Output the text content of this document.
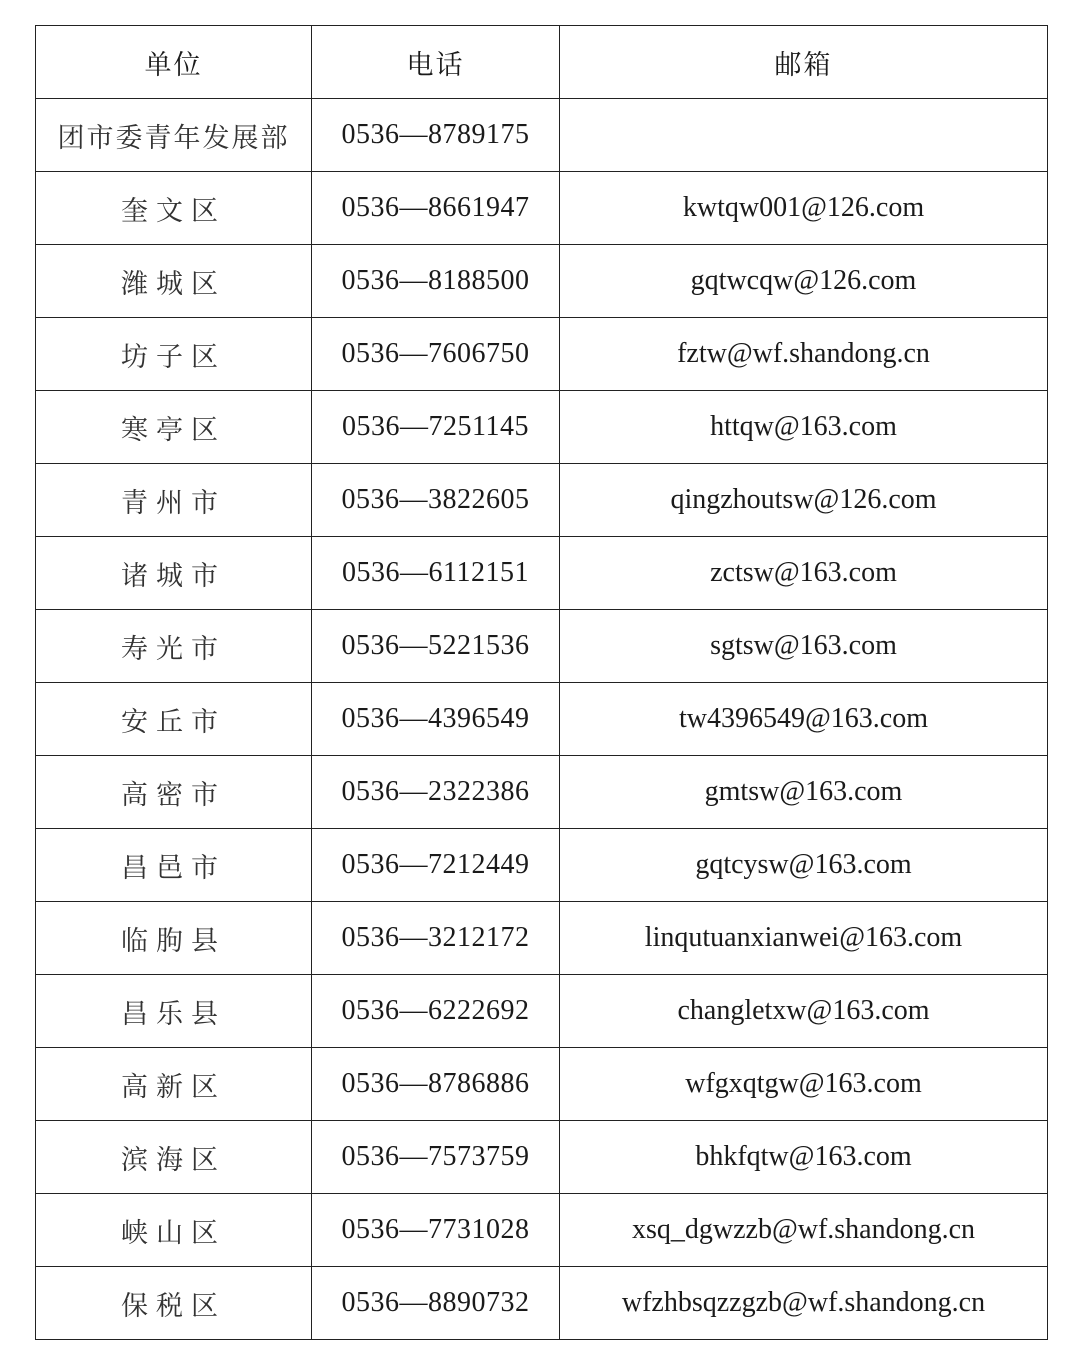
单位	电话	邮箱
团市委青年发展部	0536—8789175	
奎文区	0536—8661947	kwtqw001@126.com
潍城区	0536—8188500	gqtwcqw@126.com
坊子区	0536—7606750	fztw@wf.shandong.cn
寒亭区	0536—7251145	httqw@163.com
青州市	0536—3822605	qingzhoutsw@126.com
诸城市	0536—6112151	zctsw@163.com
寿光市	0536—5221536	sgtsw@163.com
安丘市	0536—4396549	tw4396549@163.com
高密市	0536—2322386	gmtsw@163.com
昌邑市	0536—7212449	gqtcysw@163.com
临朐县	0536—3212172	linqutuanxianwei@163.com
昌乐县	0536—6222692	changletxw@163.com
高新区	0536—8786886	wfgxqtgw@163.com
滨海区	0536—7573759	bhkfqtw@163.com
峡山区	0536—7731028	xsq_dgwzzb@wf.shandong.cn
保税区	0536—8890732	wfzhbsqzzgzb@wf.shandong.cn
